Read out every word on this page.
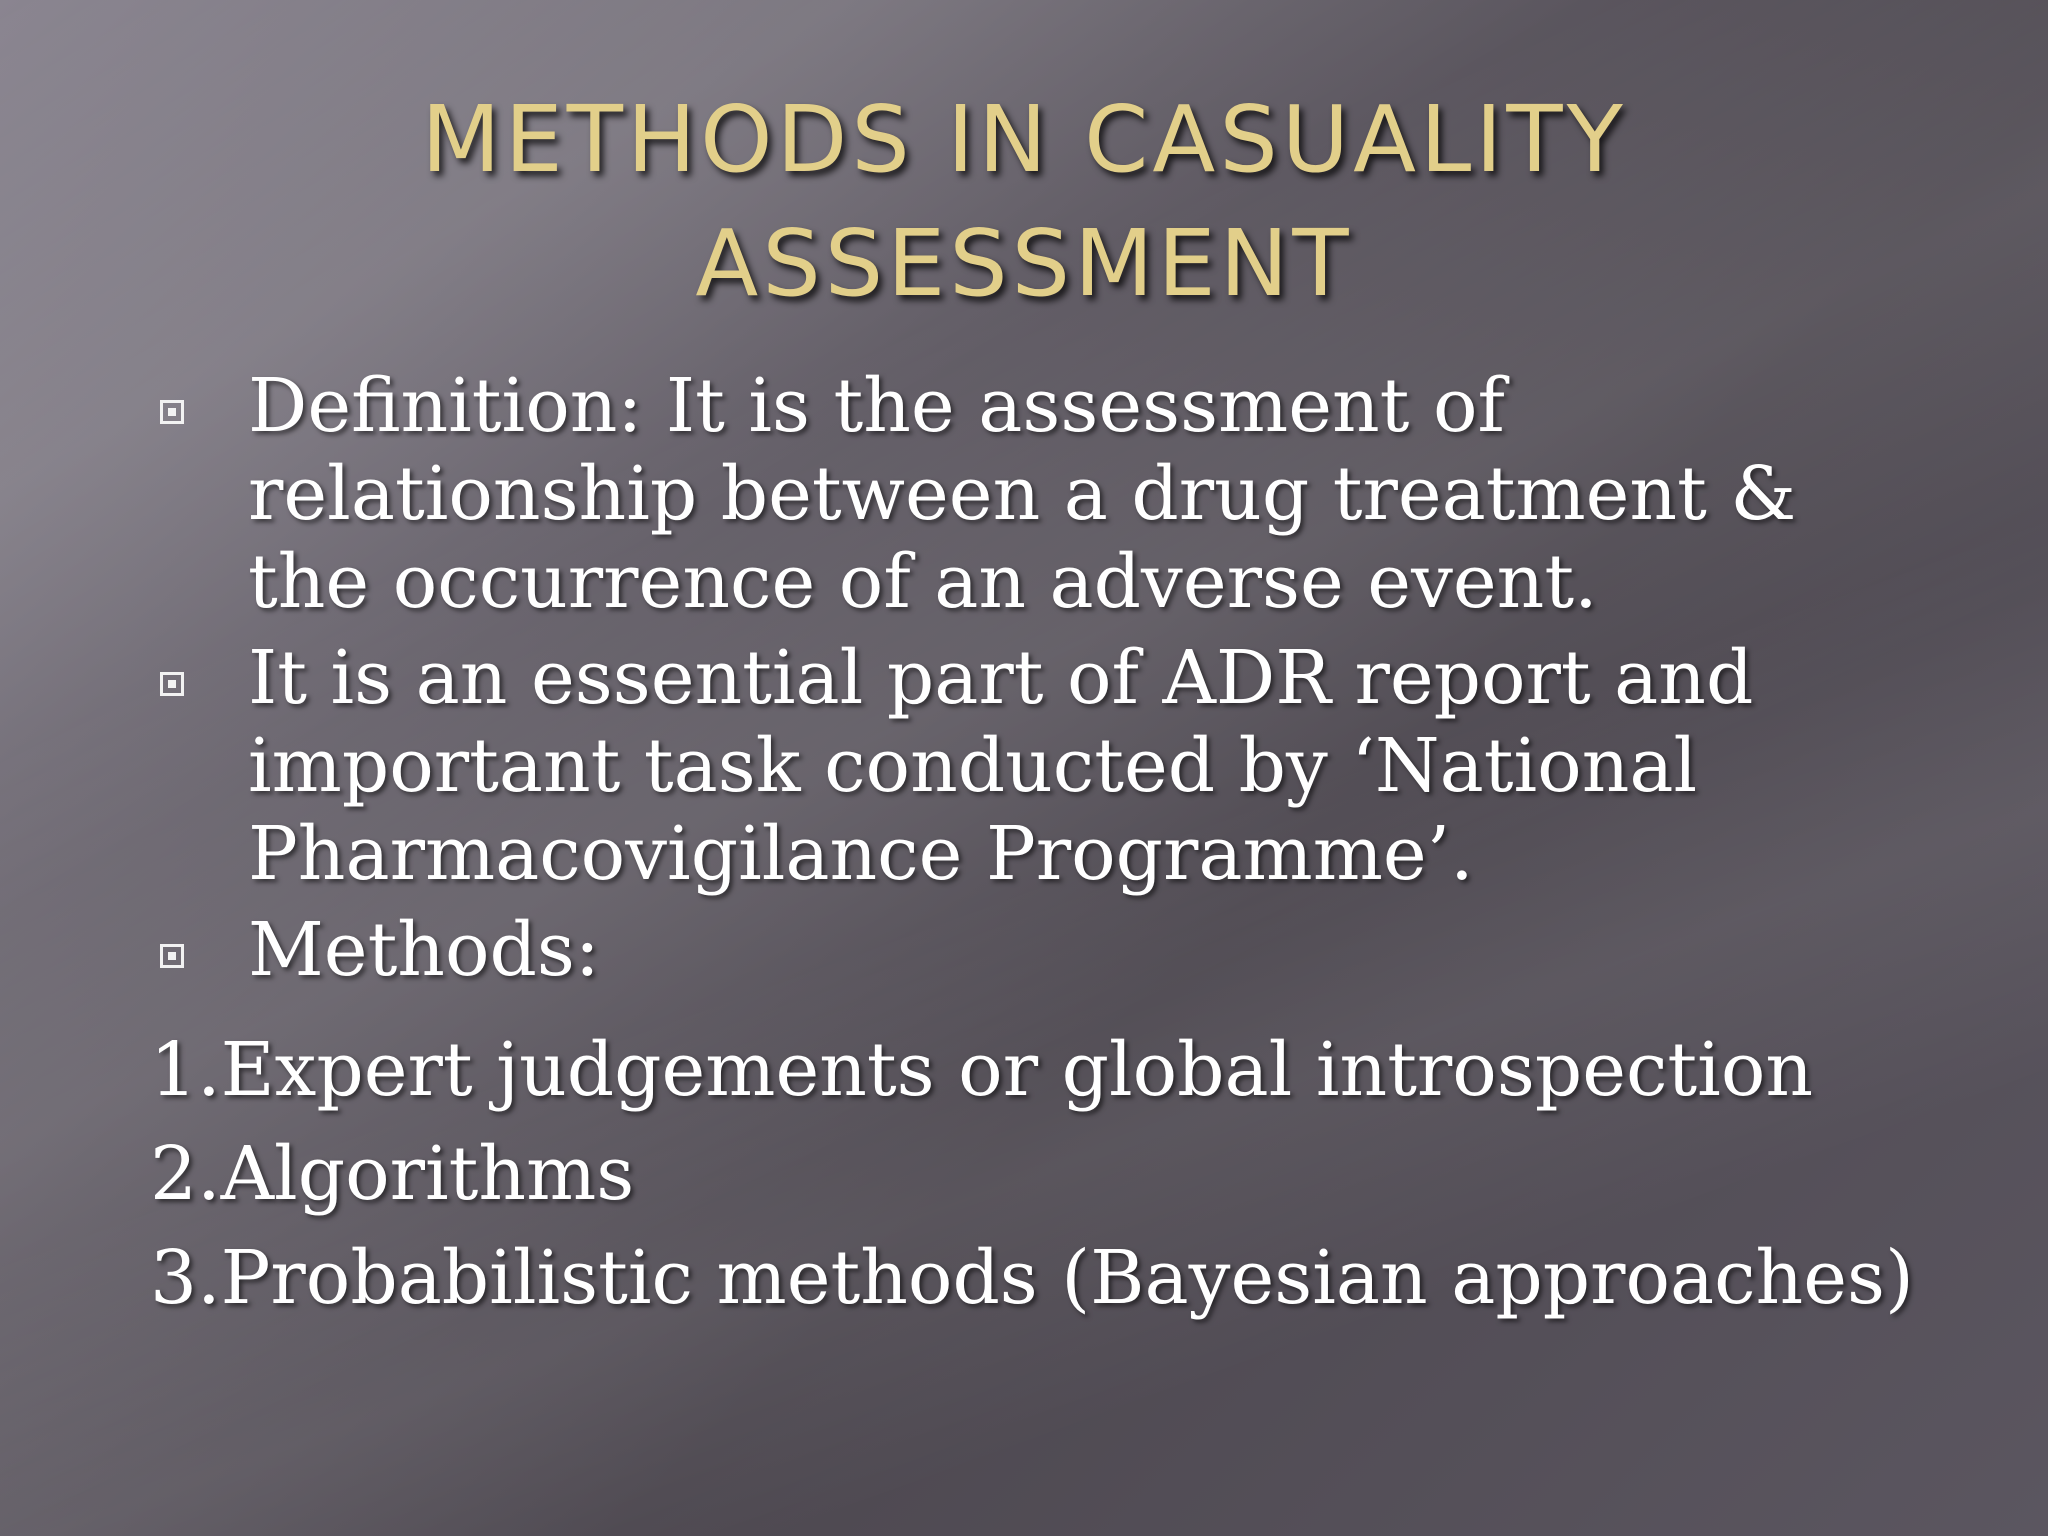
METHODS IN CASUALITY
ASSESSMENT
Definition: It is the assessment of relationship between a drug treatment & the occurrence of an adverse event.
It is an essential part of ADR report and important task conducted by ‘National Pharmacovigilance Programme’.
Methods:
1.Expert judgements or global introspection
2.Algorithms
3.Probabilistic methods (Bayesian approaches)
